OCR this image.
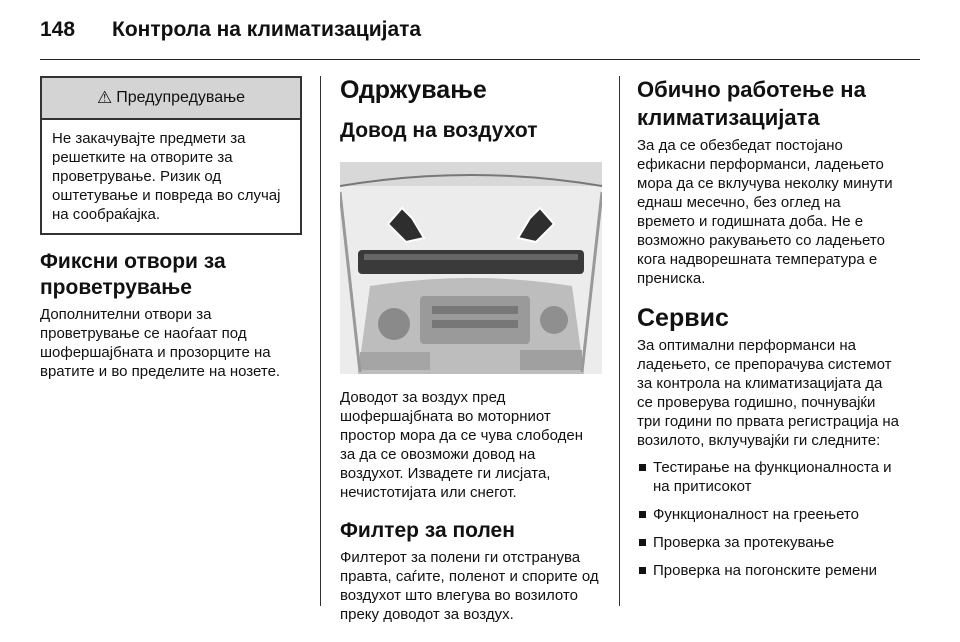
148 Контрола на климатизацијата
⚠ Предупредување
Не закачувајте предмети за решетките на отворите за проветрување. Ризик од оштетување и повреда во случај на сообраќајка.
Фиксни отвори за проветрување

Дополнителни отвори за проветрување се наоѓаат под шофершајбната и прозорците на вратите и во пределите на нозете.

Одржување
Довод на воздухот

Доводот за воздух пред шофершајбната во моторниот простор мора да се чува слободен за да се овозможи довод на воздухот. Извадете ги лисјата, нечистотијата или снегот.

Филтер за полен

Филтерот за полени ги отстранува правта, саѓите, поленот и спорите од воздухот што влегува во возилото преку доводот за воздух.

Обично работење на климатизацијата

За да се обезбедат постојано ефикасни перформанси, ладењето мора да се вклучува неколку минути еднаш месечно, без оглед на времето и годишната доба. Не е возможно ракувањето со ладењето кога надворешната температура е прениска.

Сервис

За оптимални перформанси на ладењето, се препорачува системот за контрола на климатизацијата да се проверува годишно, почнувајќи три години по првата регистрација на возилото, вклучувајќи ги следните:

Тестирање на функционалноста и на притисокот
Функционалност на греењето
Проверка за протекување
Проверка на погонските ремени
